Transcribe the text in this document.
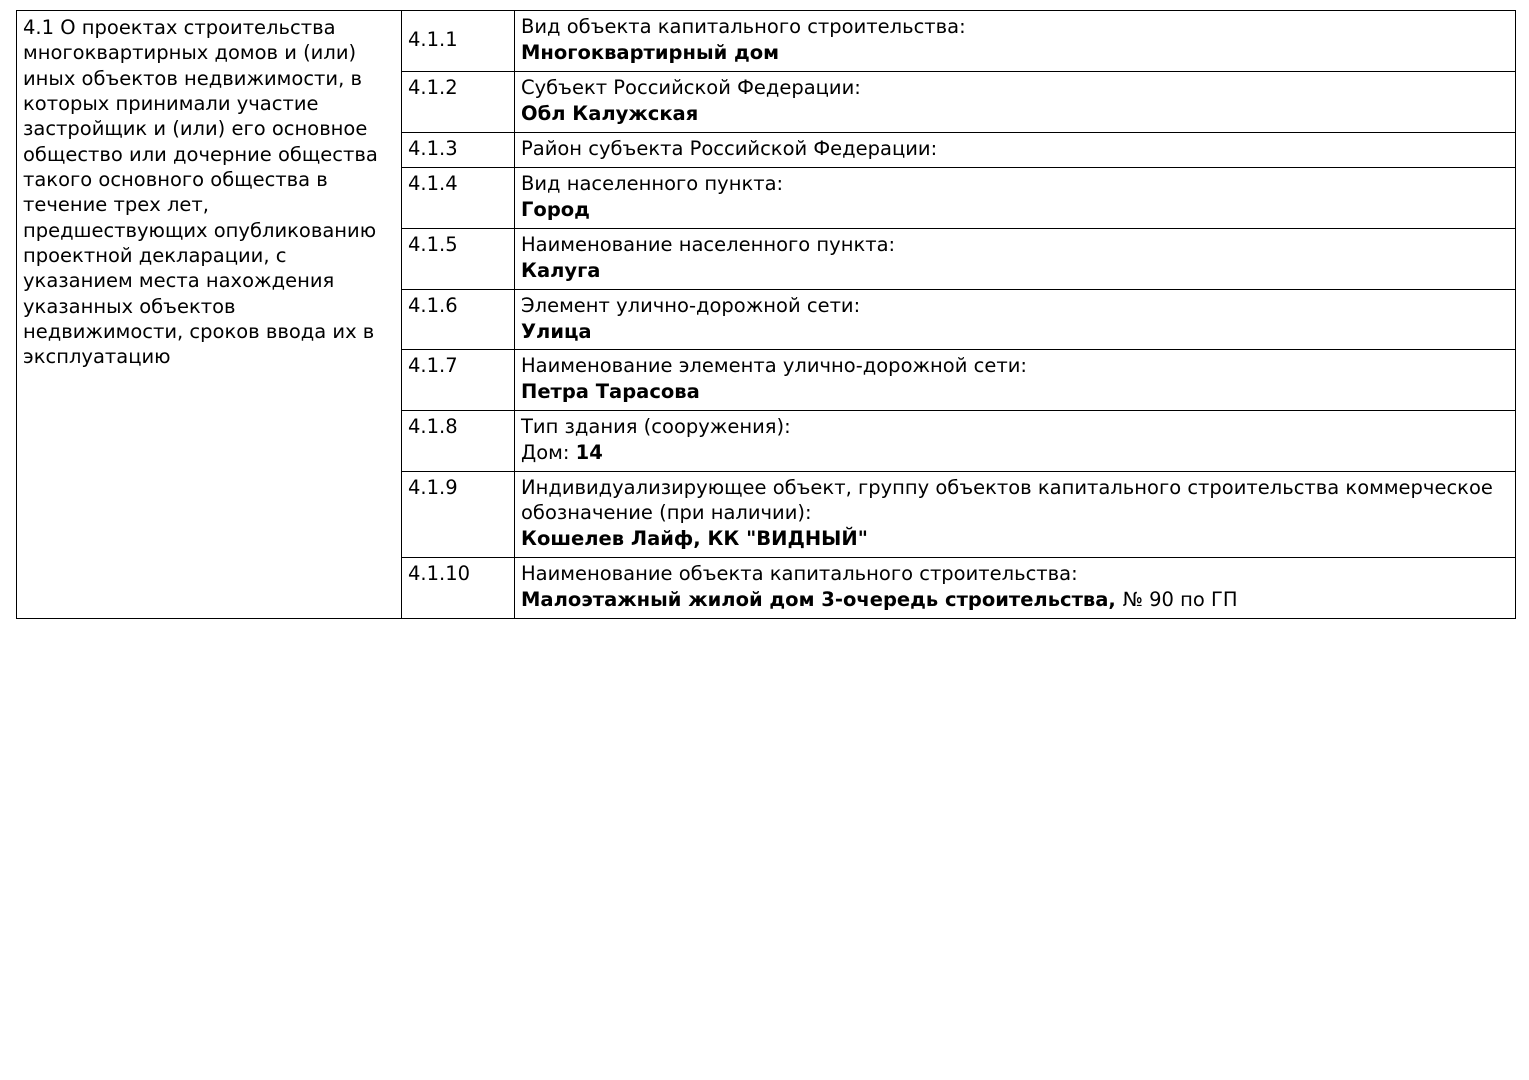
4.1 О проектах строительства многоквартирных домов и (или) иных объектов недвижимости, в которых принимали участие застройщик и (или) его основное общество или дочерние общества такого основного общества в течение трех лет, предшествующих опубликованию проектной декларации, с указанием места нахождения указанных объектов недвижимости, сроков ввода их в эксплуатацию	4.1.1	Вид объекта капитального строительства:
Многоквартирный дом

	4.1.2	Субъект Российской Федерации:
Обл Калужская

	4.1.3	Район субъекта Российской Федерации:

	4.1.4	Вид населенного пункта:
Город

	4.1.5	Наименование населенного пункта:
Калуга

	4.1.6	Элемент улично-дорожной сети:
Улица

	4.1.7	Наименование элемента улично-дорожной сети:
Петра Тарасова

	4.1.8	Тип здания (сооружения):
Дом: 14

	4.1.9	Индивидуализирующее объект, группу объектов капитального строительства коммерческое обозначение (при наличии):
Кошелев Лайф, КК "ВИДНЫЙ"

	4.1.10	Наименование объекта капитального строительства:
Малоэтажный жилой дом 3-очередь строительства, № 90 по ГП
